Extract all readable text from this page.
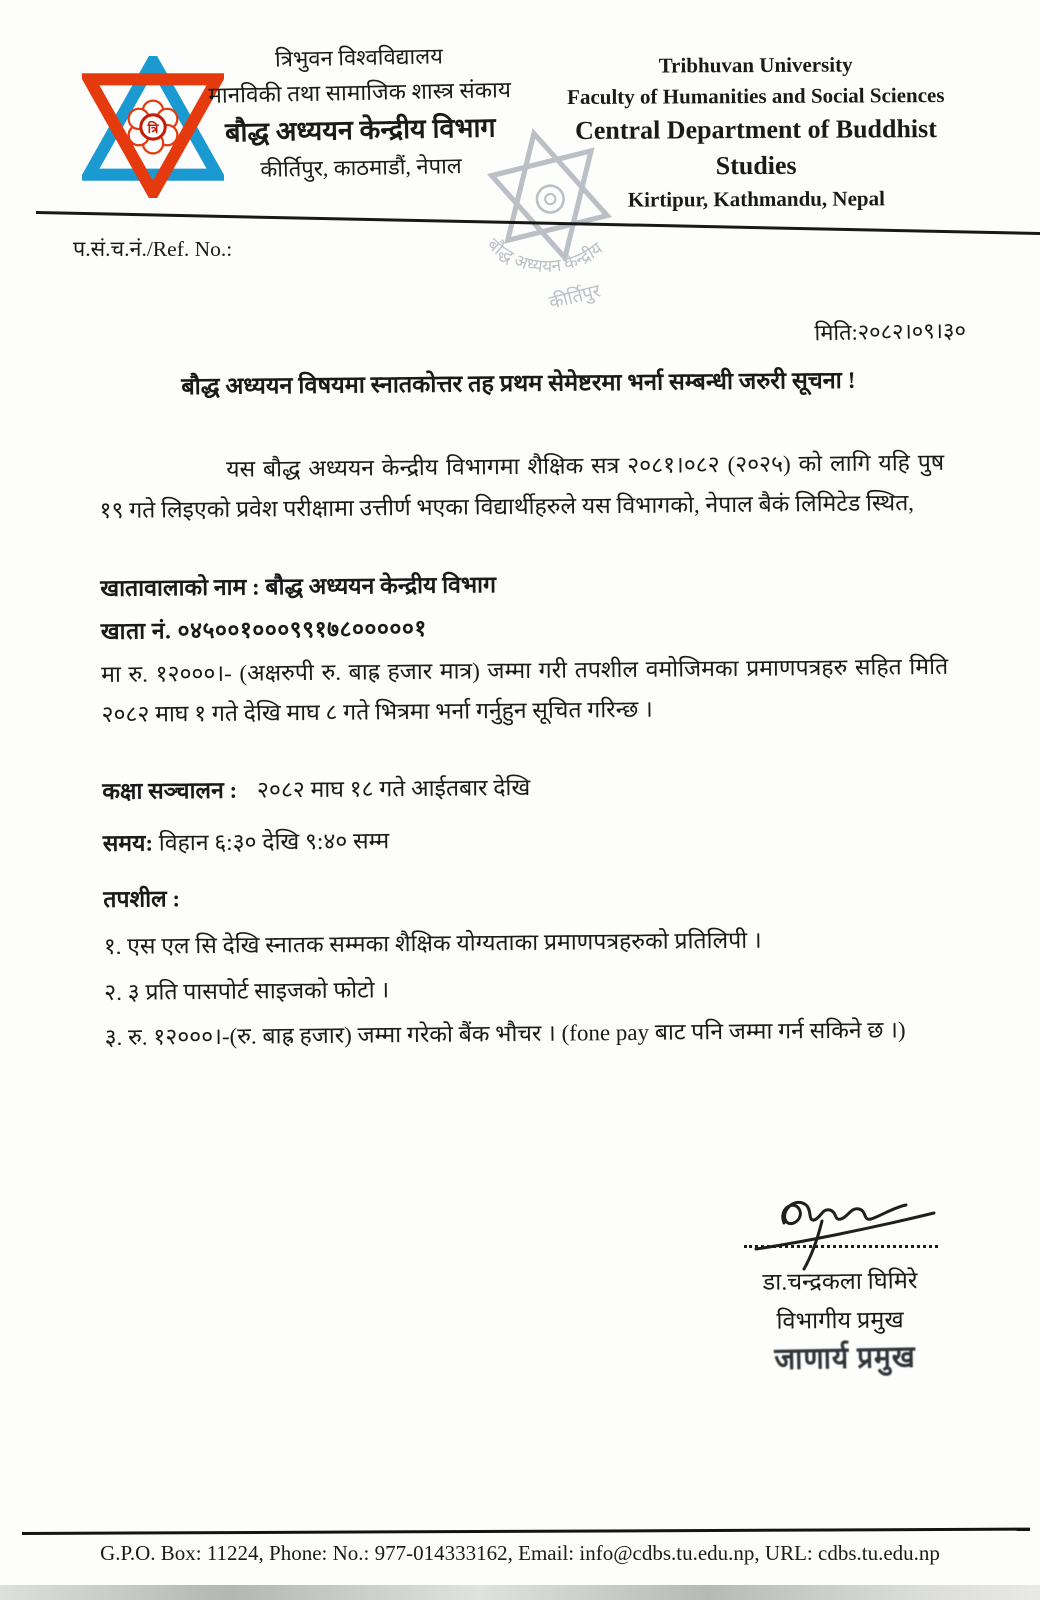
त्रि
त्रिभुवन विश्वविद्यालय
मानविकी तथा सामाजिक शास्त्र संकाय
बौद्ध अध्ययन केन्द्रीय विभाग
कीर्तिपुर, काठमाडौं, नेपाल
Tribhuvan University
Faculty of Humanities and Social Sciences
Central Department of Buddhist Studies
Kirtipur, Kathmandu, Nepal
बौद्ध अध्ययन केन्द्रीय
कीर्तिपुर
प.सं.च.नं./Ref. No.:
मिति:२०८२।०९।३०
बौद्ध अध्ययन विषयमा स्नातकोत्तर तह प्रथम सेमेष्टरमा भर्ना सम्बन्धी जरुरी सूचना !
यस बौद्ध अध्ययन केन्द्रीय विभागमा शैक्षिक सत्र २०८१।०८२ (२०२५) को लागि यहि पुष १९ गते लिइएको प्रवेश परीक्षामा उत्तीर्ण भएका विद्यार्थीहरुले यस विभागको, नेपाल बैकं लिमिटेड स्थित,
खातावालाको नाम : बौद्ध अध्ययन केन्द्रीय विभाग
खाता नं. ०४५००१०००९९१७८०००००१
मा रु. १२०००।- (अक्षरुपी रु. बाह्र हजार मात्र) जम्मा गरी तपशील वमोजिमका प्रमाणपत्रहरु सहित मिति २०८२ माघ १ गते देखि माघ ८ गते भित्रमा भर्ना गर्नुहुन सूचित गरिन्छ ।
कक्षा सञ्चालन : २०८२ माघ १८ गते आईतबार देखि
समय: विहान ६:३० देखि ९:४० सम्म
तपशील :
१. एस एल सि देखि स्नातक सम्मका शैक्षिक योग्यताका प्रमाणपत्रहरुको प्रतिलिपी ।
२. ३ प्रति पासपोर्ट साइजको फोटो ।
३. रु. १२०००।-(रु. बाह्र हजार) जम्मा गरेको बैंक भौचर । (fone pay बाट पनि जम्मा गर्न सकिने छ ।)
डा.चन्द्रकला घिमिरे
विभागीय प्रमुख
जाणार्य प्रमुख
G.P.O. Box: 11224, Phone: No.: 977-014333162, Email: info@cdbs.tu.edu.np, URL: cdbs.tu.edu.np
